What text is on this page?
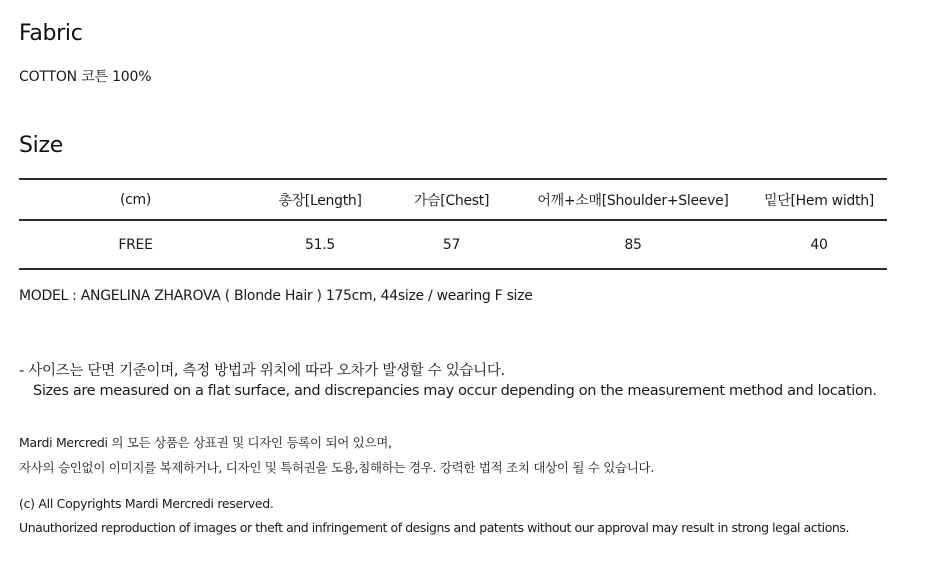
Fabric
COTTON 코튼 100%
Size
(cm)	총장[Length]	가슴[Chest]	어깨+소매[Shoulder+Sleeve]	밑단[Hem width]
FREE	51.5	57	85	40
MODEL : ANGELINA ZHAROVA ( Blonde Hair ) 175cm, 44size / wearing F size
- 사이즈는 단면 기준이며, 측정 방법과 위치에 따라 오차가 발생할 수 있습니다.
Sizes are measured on a flat surface, and discrepancies may occur depending on the measurement method and location.
Mardi Mercredi 의 모든 상품은 상표권 및 디자인 등록이 되어 있으며,
자사의 승인없이 이미지를 복제하거나, 디자인 및 특허권을 도용,침해하는 경우. 강력한 법적 조치 대상이 될 수 있습니다.
(c) All Copyrights Mardi Mercredi reserved.
Unauthorized reproduction of images or theft and infringement of designs and patents without our approval may result in strong legal actions.
